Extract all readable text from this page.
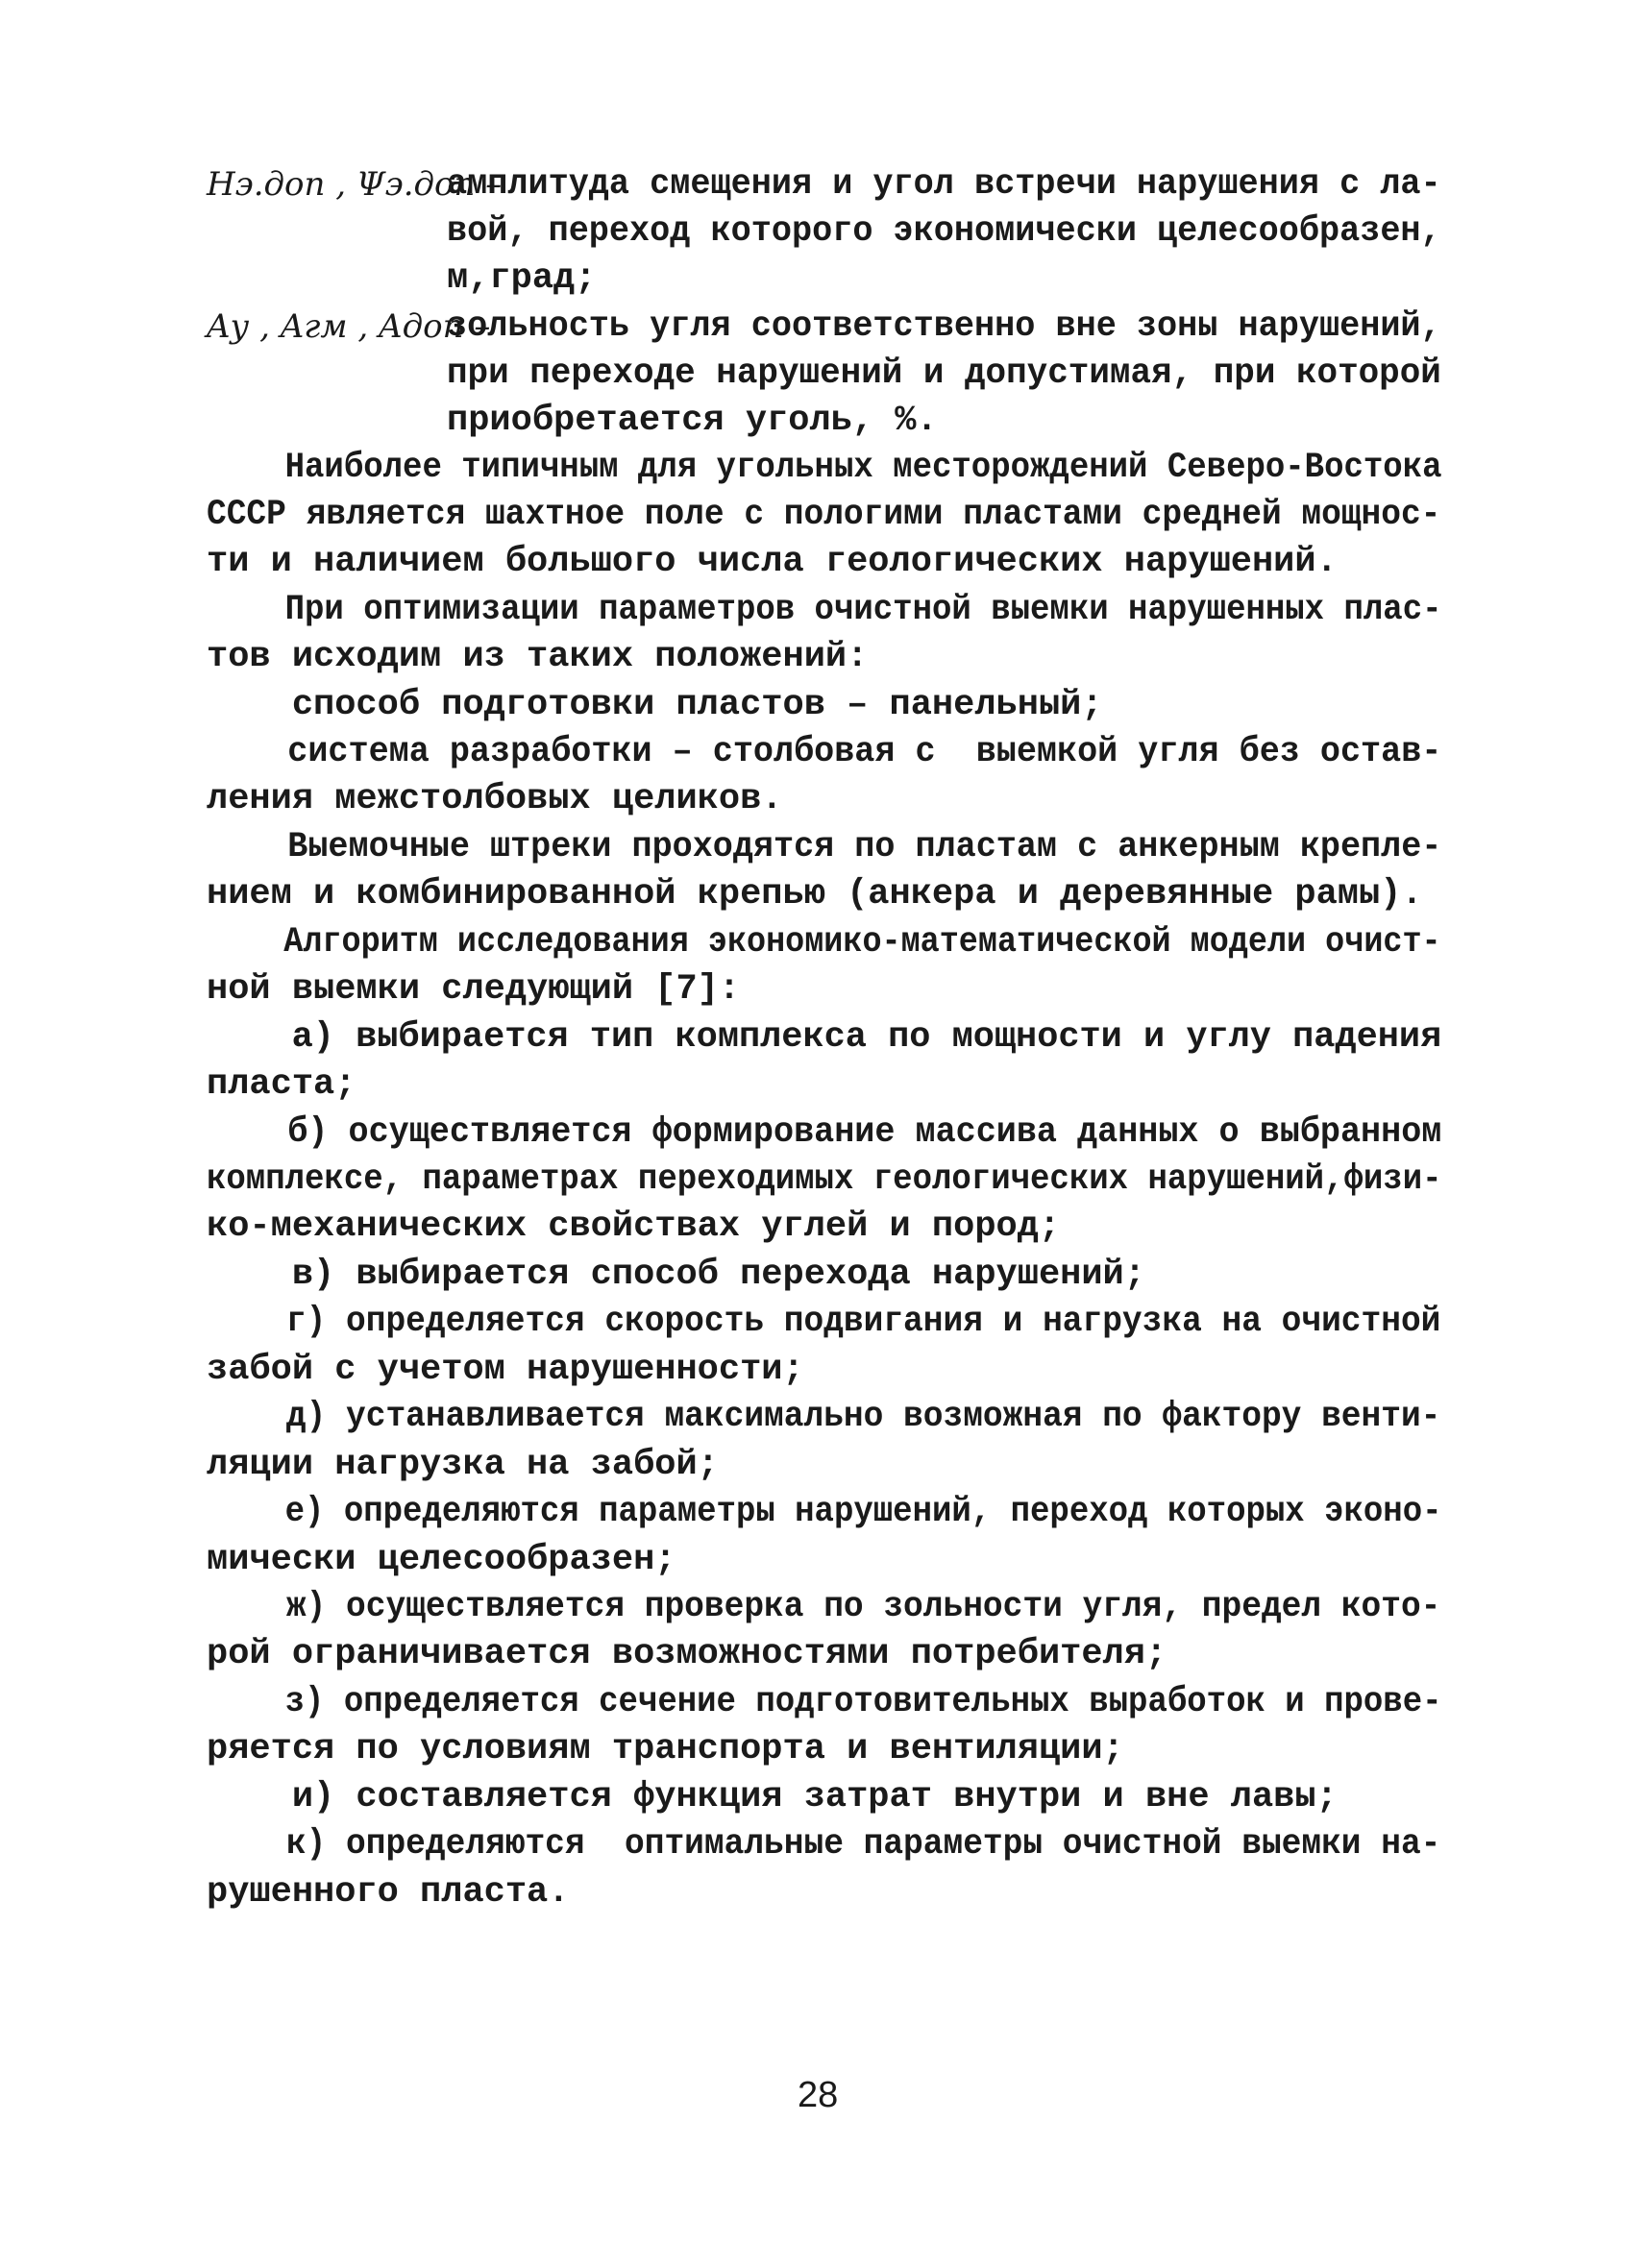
Hэ.доп , Ψэ.доп –
амплитуда смещения и угол встречи нарушения с ла-
вой, переход которого экономически целесообразен,
м,град;
Aу , Aгм , Aдоп –
зольность угля соответственно вне зоны нарушений,
при переходе нарушений и допустимая, при которой
приобретается уголь, %.
Наиболее типичным для угольных месторождений Северо-Востока
СССР является шахтное поле с пологими пластами средней мощнос-
ти и наличием большого числа геологических нарушений.
При оптимизации параметров очистной выемки нарушенных плас-
тов исходим из таких положений:
способ подготовки пластов – панельный;
система разработки – столбовая с  выемкой угля без остав-
ления межстолбовых целиков.
Выемочные штреки проходятся по пластам с анкерным крепле-
нием и комбинированной крепью (анкера и деревянные рамы).
Алгоритм исследования экономико-математической модели очист-
ной выемки следующий [7]:
а) выбирается тип комплекса по мощности и углу падения
пласта;
б) осуществляется формирование массива данных о выбранном
комплексе, параметрах переходимых геологических нарушений,физи-
ко-механических свойствах углей и пород;
в) выбирается способ перехода нарушений;
г) определяется скорость подвигания и нагрузка на очистной
забой с учетом нарушенности;
д) устанавливается максимально возможная по фактору венти-
ляции нагрузка на забой;
е) определяются параметры нарушений, переход которых эконо-
мически целесообразен;
ж) осуществляется проверка по зольности угля, предел кото-
рой ограничивается возможностями потребителя;
з) определяется сечение подготовительных выработок и прове-
ряется по условиям транспорта и вентиляции;
и) составляется функция затрат внутри и вне лавы;
к) определяются  оптимальные параметры очистной выемки на-
рушенного пласта.
28
